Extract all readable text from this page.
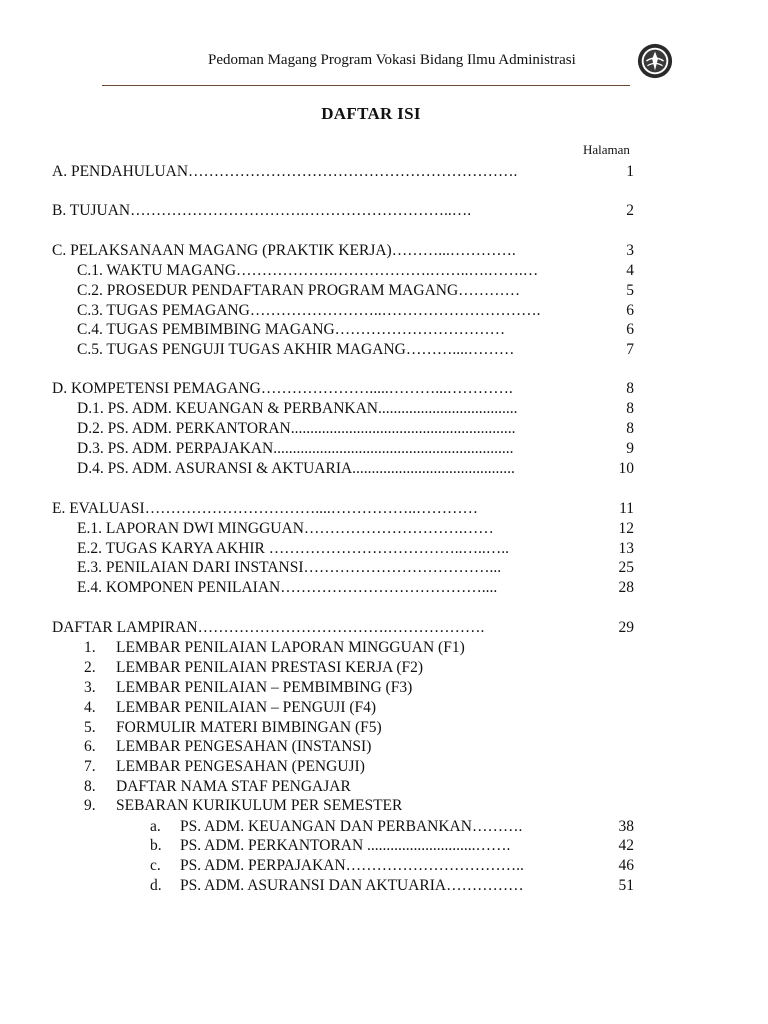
Pedoman Magang Program Vokasi Bidang Ilmu Administrasi
DAFTAR ISI
Halaman
A. PENDAHULUAN……………………………………………………….	1
B. TUJUAN…………………………….………………………..….	2
C. PELAKSANAAN MAGANG (PRAKTIK KERJA)………...………….	3
C.1. WAKTU MAGANG……………….……………….……..….…….…	4
C.2. PROSEDUR PENDAFTARAN PROGRAM MAGANG…………	5
C.3. TUGAS PEMAGANG……………………..………………………….	6
C.4. TUGAS PEMBIMBING MAGANG……………………………	6
C.5. TUGAS PENGUJI TUGAS AKHIR MAGANG………....………	7
D. KOMPETENSI PEMAGANG………………….....………...………….	8
D.1. PS. ADM. KEUANGAN & PERBANKAN....................................	8
D.2. PS. ADM. PERKANTORAN..........................................................	8
D.3. PS. ADM. PERPAJAKAN..............................................................	9
D.4. PS. ADM. ASURANSI & AKTUARIA..........................................	10
E. EVALUASI……………………………....……………..…………	11
E.1. LAPORAN DWI MINGGUAN………………………….……	12
E.2. TUGAS KARYA AKHIR ………………………………..…..…..	13
E.3. PENILAIAN DARI INSTANSI………………………………...	25
E.4. KOMPONEN PENILAIAN…………………………………....	28
DAFTAR LAMPIRAN……………………………….……………….	29
1. LEMBAR PENILAIAN LAPORAN MINGGUAN (F1)
2. LEMBAR PENILAIAN PRESTASI KERJA (F2)
3. LEMBAR PENILAIAN – PEMBIMBING (F3)
4. LEMBAR PENILAIAN – PENGUJI (F4)
5. FORMULIR MATERI BIMBINGAN (F5)
6. LEMBAR PENGESAHAN (INSTANSI)
7. LEMBAR PENGESAHAN (PENGUJI)
8. DAFTAR NAMA STAF PENGAJAR
9. SEBARAN KURIKULUM PER SEMESTER
a. PS. ADM. KEUANGAN DAN PERBANKAN……….	38
b. PS. ADM. PERKANTORAN ............................…….	42
c. PS. ADM. PERPAJAKAN……………………………..	46
d. PS. ADM. ASURANSI DAN AKTUARIA……………	51
